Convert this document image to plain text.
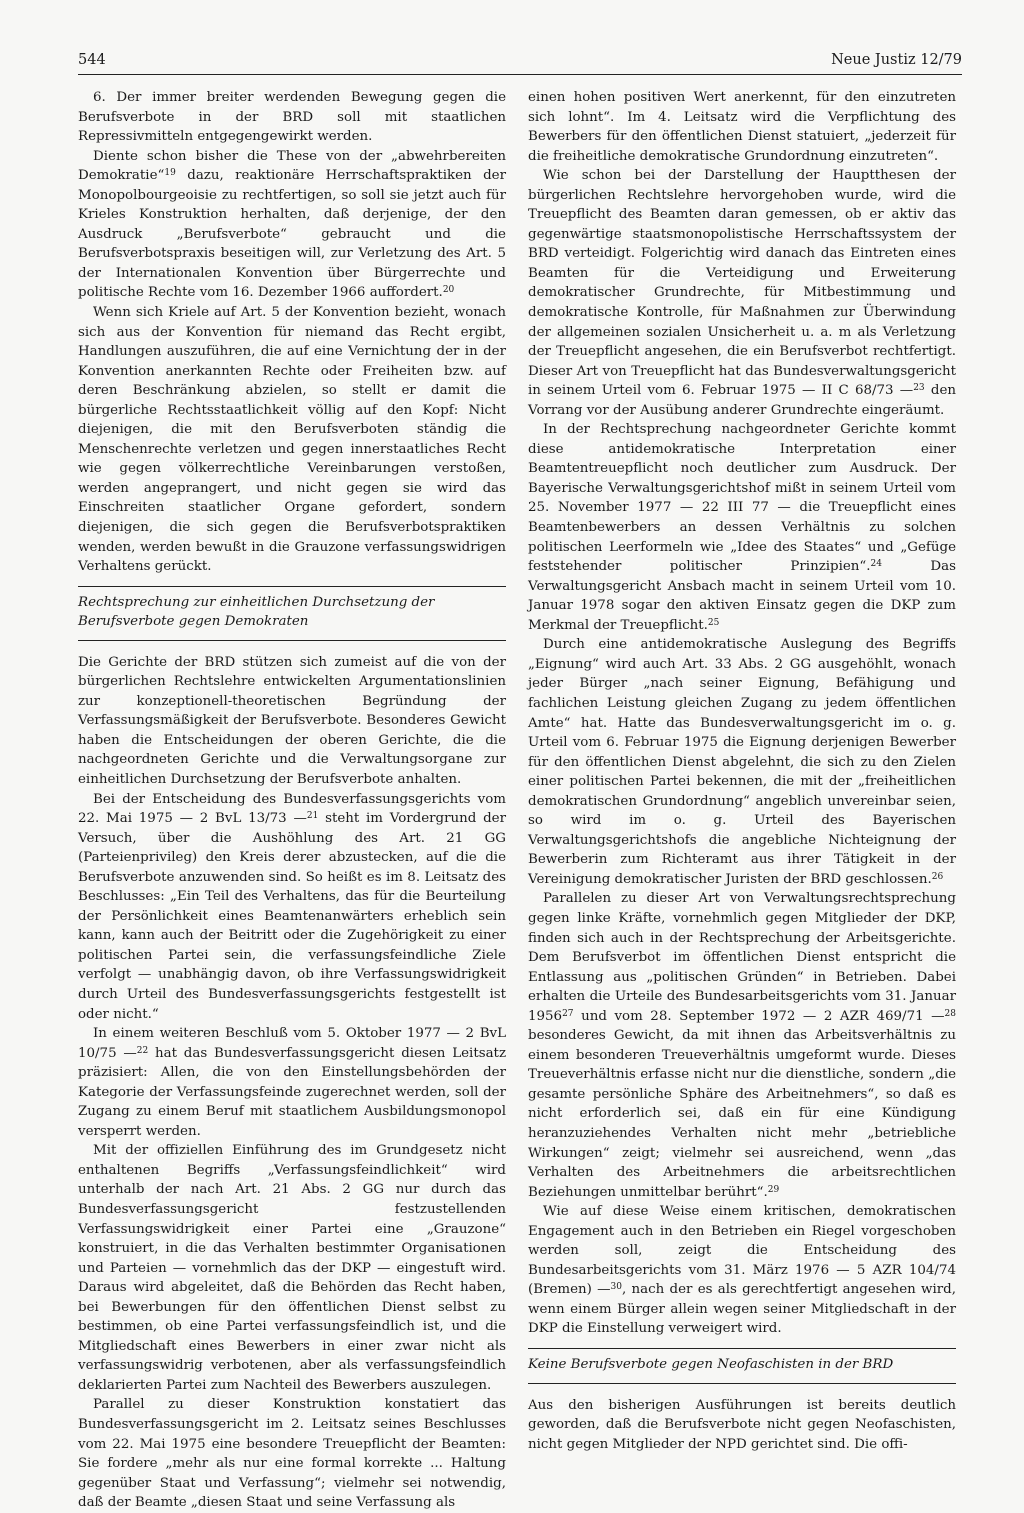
544	Neue Justiz 12/79

6. Der immer breiter werdenden Bewegung gegen die Berufsverbote in der BRD soll mit staatlichen Repressivmitteln entgegengewirkt werden.

Diente schon bisher die These von der „abwehrbereiten Demokratie“$^{19}$ dazu, reaktionäre Herrschaftspraktiken der Monopolbourgeoisie zu rechtfertigen, so soll sie jetzt auch für Krieles Konstruktion herhalten, daß derjenige, der den Ausdruck „Berufsverbote“ gebraucht und die Berufsverbotspraxis beseitigen will, zur Verletzung des Art. 5 der Internationalen Konvention über Bürgerrechte und politische Rechte vom 16. Dezember 1966 auffordert.$^{20}$

Wenn sich Kriele auf Art. 5 der Konvention bezieht, wonach sich aus der Konvention für niemand das Recht ergibt, Handlungen auszuführen, die auf eine Vernichtung der in der Konvention anerkannten Rechte oder Freiheiten bzw. auf deren Beschränkung abzielen, so stellt er damit die bürgerliche Rechtsstaatlichkeit völlig auf den Kopf: Nicht diejenigen, die mit den Berufsverboten ständig die Menschenrechte verletzen und gegen innerstaatliches Recht wie gegen völkerrechtliche Vereinbarungen verstoßen, werden angeprangert, und nicht gegen sie wird das Einschreiten staatlicher Organe gefordert, sondern diejenigen, die sich gegen die Berufsverbotspraktiken wenden, werden bewußt in die Grauzone verfassungswidrigen Verhaltens gerückt.

Rechtsprechung zur einheitlichen Durchsetzung der Berufsverbote gegen Demokraten

Die Gerichte der BRD stützen sich zumeist auf die von der bürgerlichen Rechtslehre entwickelten Argumentationslinien zur konzeptionell-theoretischen Begründung der Verfassungsmäßigkeit der Berufsverbote. Besonderes Gewicht haben die Entscheidungen der oberen Gerichte, die die nachgeordneten Gerichte und die Verwaltungsorgane zur einheitlichen Durchsetzung der Berufsverbote anhalten.

Bei der Entscheidung des Bundesverfassungsgerichts vom 22. Mai 1975 — 2 BvL 13/73 —$^{21}$ steht im Vordergrund der Versuch, über die Aushöhlung des Art. 21 GG (Parteienprivileg) den Kreis derer abzustecken, auf die die Berufsverbote anzuwenden sind. So heißt es im 8. Leitsatz des Beschlusses: „Ein Teil des Verhaltens, das für die Beurteilung der Persönlichkeit eines Beamtenanwärters erheblich sein kann, kann auch der Beitritt oder die Zugehörigkeit zu einer politischen Partei sein, die verfassungsfeindliche Ziele verfolgt — unabhängig davon, ob ihre Verfassungswidrigkeit durch Urteil des Bundesverfassungsgerichts festgestellt ist oder nicht.“

In einem weiteren Beschluß vom 5. Oktober 1977 — 2 BvL 10/75 —$^{22}$ hat das Bundesverfassungsgericht diesen Leitsatz präzisiert: Allen, die von den Einstellungsbehörden der Kategorie der Verfassungsfeinde zugerechnet werden, soll der Zugang zu einem Beruf mit staatlichem Ausbildungsmonopol versperrt werden.

Mit der offiziellen Einführung des im Grundgesetz nicht enthaltenen Begriffs „Verfassungsfeindlichkeit“ wird unterhalb der nach Art. 21 Abs. 2 GG nur durch das Bundesverfassungsgericht festzustellenden Verfassungswidrigkeit einer Partei eine „Grauzone“ konstruiert, in die das Verhalten bestimmter Organisationen und Parteien — vornehmlich das der DKP — eingestuft wird. Daraus wird abgeleitet, daß die Behörden das Recht haben, bei Bewerbungen für den öffentlichen Dienst selbst zu bestimmen, ob eine Partei verfassungsfeindlich ist, und die Mitgliedschaft eines Bewerbers in einer zwar nicht als verfassungswidrig verbotenen, aber als verfassungsfeindlich deklarierten Partei zum Nachteil des Bewerbers auszulegen.

Parallel zu dieser Konstruktion konstatiert das Bundesverfassungsgericht im 2. Leitsatz seines Beschlusses vom 22. Mai 1975 eine besondere Treuepflicht der Beamten: Sie fordere „mehr als nur eine formal korrekte ... Haltung gegenüber Staat und Verfassung“; vielmehr sei notwendig, daß der Beamte „diesen Staat und seine Verfassung als

einen hohen positiven Wert anerkennt, für den einzutreten sich lohnt“. Im 4. Leitsatz wird die Verpflichtung des Bewerbers für den öffentlichen Dienst statuiert, „jederzeit für die freiheitliche demokratische Grundordnung einzutreten“.

Wie schon bei der Darstellung der Hauptthesen der bürgerlichen Rechtslehre hervorgehoben wurde, wird die Treuepflicht des Beamten daran gemessen, ob er aktiv das gegenwärtige staatsmonopolistische Herrschaftssystem der BRD verteidigt. Folgerichtig wird danach das Eintreten eines Beamten für die Verteidigung und Erweiterung demokratischer Grundrechte, für Mitbestimmung und demokratische Kontrolle, für Maßnahmen zur Überwindung der allgemeinen sozialen Unsicherheit u. a. m als Verletzung der Treuepflicht angesehen, die ein Berufsverbot rechtfertigt. Dieser Art von Treuepflicht hat das Bundesverwaltungsgericht in seinem Urteil vom 6. Februar 1975 — II C 68/73 —$^{23}$ den Vorrang vor der Ausübung anderer Grundrechte eingeräumt.

In der Rechtsprechung nachgeordneter Gerichte kommt diese antidemokratische Interpretation einer Beamtentreuepflicht noch deutlicher zum Ausdruck. Der Bayerische Verwaltungsgerichtshof mißt in seinem Urteil vom 25. November 1977 — 22 III 77 — die Treuepflicht eines Beamtenbewerbers an dessen Verhältnis zu solchen politischen Leerformeln wie „Idee des Staates“ und „Gefüge feststehender politischer Prinzipien“.$^{24}$ Das Verwaltungsgericht Ansbach macht in seinem Urteil vom 10. Januar 1978 sogar den aktiven Einsatz gegen die DKP zum Merkmal der Treuepflicht.$^{25}$

Durch eine antidemokratische Auslegung des Begriffs „Eignung“ wird auch Art. 33 Abs. 2 GG ausgehöhlt, wonach jeder Bürger „nach seiner Eignung, Befähigung und fachlichen Leistung gleichen Zugang zu jedem öffentlichen Amte“ hat. Hatte das Bundesverwaltungsgericht im o. g. Urteil vom 6. Februar 1975 die Eignung derjenigen Bewerber für den öffentlichen Dienst abgelehnt, die sich zu den Zielen einer politischen Partei bekennen, die mit der „freiheitlichen demokratischen Grundordnung“ angeblich unvereinbar seien, so wird im o. g. Urteil des Bayerischen Verwaltungsgerichtshofs die angebliche Nichteignung der Bewerberin zum Richteramt aus ihrer Tätigkeit in der Vereinigung demokratischer Juristen der BRD geschlossen.$^{26}$

Parallelen zu dieser Art von Verwaltungsrechtsprechung gegen linke Kräfte, vornehmlich gegen Mitglieder der DKP, finden sich auch in der Rechtsprechung der Arbeitsgerichte. Dem Berufsverbot im öffentlichen Dienst entspricht die Entlassung aus „politischen Gründen“ in Betrieben. Dabei erhalten die Urteile des Bundesarbeitsgerichts vom 31. Januar 1956$^{27}$ und vom 28. September 1972 — 2 AZR 469/71 —$^{28}$ besonderes Gewicht, da mit ihnen das Arbeitsverhältnis zu einem besonderen Treueverhältnis umgeformt wurde. Dieses Treueverhältnis erfasse nicht nur die dienstliche, sondern „die gesamte persönliche Sphäre des Arbeitnehmers“, so daß es nicht erforderlich sei, daß ein für eine Kündigung heranzuziehendes Verhalten nicht mehr „betriebliche Wirkungen“ zeigt; vielmehr sei ausreichend, wenn „das Verhalten des Arbeitnehmers die arbeitsrechtlichen Beziehungen unmittelbar berührt“.$^{29}$

Wie auf diese Weise einem kritischen, demokratischen Engagement auch in den Betrieben ein Riegel vorgeschoben werden soll, zeigt die Entscheidung des Bundesarbeitsgerichts vom 31. März 1976 — 5 AZR 104/74 (Bremen) —$^{30}$, nach der es als gerechtfertigt angesehen wird, wenn einem Bürger allein wegen seiner Mitgliedschaft in der DKP die Einstellung verweigert wird.

Keine Berufsverbote gegen Neofaschisten in der BRD

Aus den bisherigen Ausführungen ist bereits deutlich geworden, daß die Berufsverbote nicht gegen Neofaschisten, nicht gegen Mitglieder der NPD gerichtet sind. Die offi-
